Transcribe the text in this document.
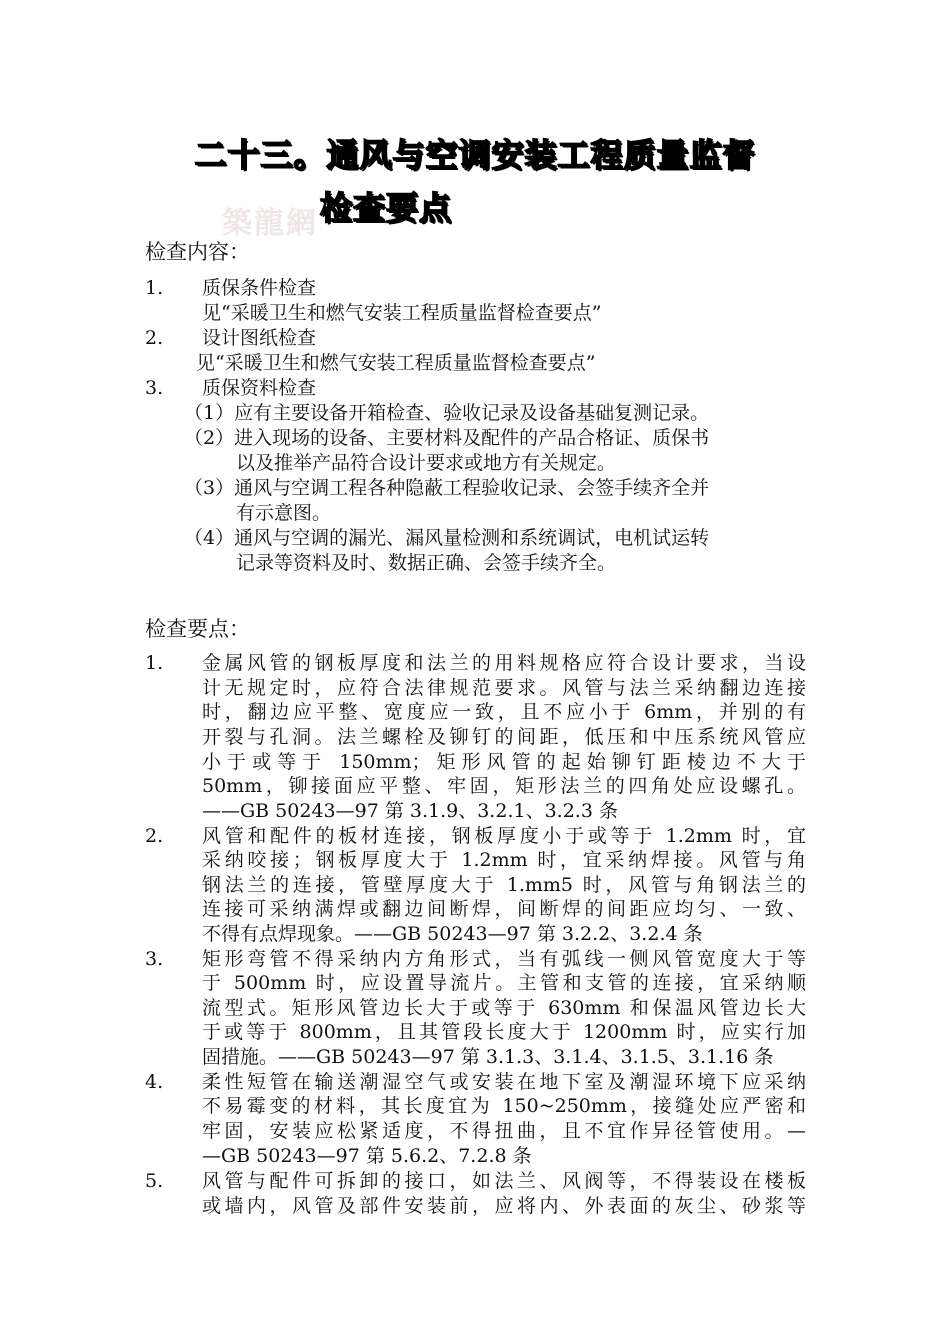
二十三。通风与空调安装工程质量监督
检查要点
築龍網
检查内容：
1. 质保条件检查
见“采暖卫生和燃气安装工程质量监督检查要点”
2. 设计图纸检查
见“采暖卫生和燃气安装工程质量监督检查要点”
3. 质保资料检查
（1）应有主要设备开箱检查、验收记录及设备基础复测记录。
（2）进入现场的设备、主要材料及配件的产品合格证、质保书
以及推举产品符合设计要求或地方有关规定。
（3）通风与空调工程各种隐蔽工程验收记录、会签手续齐全并
有示意图。
（4）通风与空调的漏光、漏风量检测和系统调试，电机试运转
记录等资料及时、数据正确、会签手续齐全。
检查要点：
1. 金属风管的钢板厚度和法兰的用料规格应符合设计要求，当设
计无规定时，应符合法律规范要求。风管与法兰采纳翻边连接
时，翻边应平整、宽度应一致，且不应小于 6mm，并别的有
开裂与孔洞。法兰螺栓及铆钉的间距，低压和中压系统风管应
小于或等于 150mm；矩形风管的起始铆钉距棱边不大于
50mm，铆接面应平整、牢固，矩形法兰的四角处应设螺孔。
——GB 50243—97 第 3.1.9、3.2.1、3.2.3 条
2. 风管和配件的板材连接，钢板厚度小于或等于 1.2mm 时，宜
采纳咬接；钢板厚度大于 1.2mm 时，宜采纳焊接。风管与角
钢法兰的连接，管壁厚度大于 1.mm5 时，风管与角钢法兰的
连接可采纳满焊或翻边间断焊，间断焊的间距应均匀、一致、
不得有点焊现象。——GB 50243—97 第 3.2.2、3.2.4 条
3. 矩形弯管不得采纳内方角形式，当有弧线一侧风管宽度大于等
于 500mm 时，应设置导流片。主管和支管的连接，宜采纳顺
流型式。矩形风管边长大于或等于 630mm 和保温风管边长大
于或等于 800mm，且其管段长度大于 1200mm 时，应实行加
固措施。——GB 50243—97 第 3.1.3、3.1.4、3.1.5、3.1.16 条
4. 柔性短管在输送潮湿空气或安装在地下室及潮湿环境下应采纳
不易霉变的材料，其长度宜为 150~250mm，接缝处应严密和
牢固，安装应松紧适度，不得扭曲，且不宜作异径管使用。—
—GB 50243—97 第 5.6.2、7.2.8 条
5. 风管与配件可拆卸的接口，如法兰、风阀等，不得装设在楼板
或墙内，风管及部件安装前，应将内、外表面的灰尘、砂浆等
